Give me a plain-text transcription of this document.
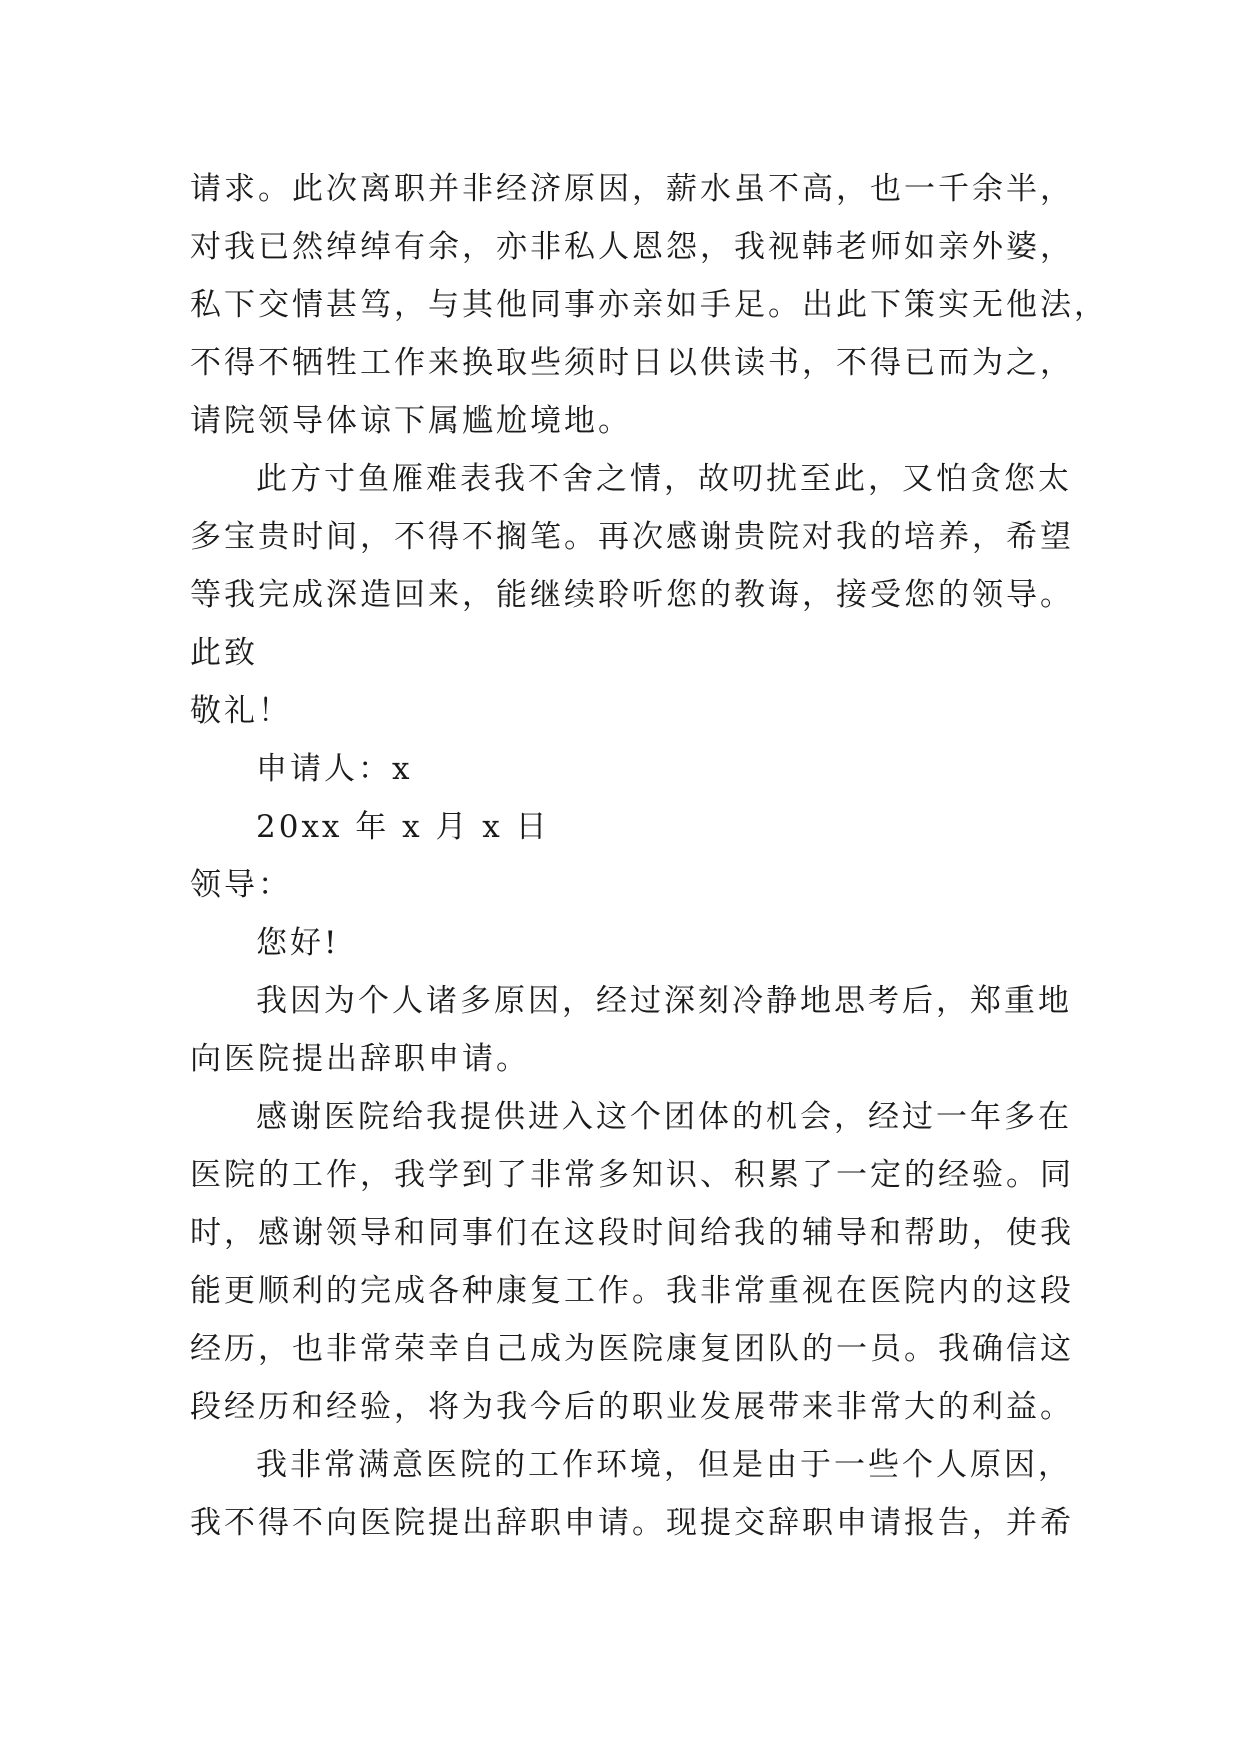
请求。此次离职并非经济原因，薪水虽不高，也一千余半，
对我已然绰绰有余，亦非私人恩怨，我视韩老师如亲外婆，
私下交情甚笃，与其他同事亦亲如手足。出此下策实无他法，
不得不牺牲工作来换取些须时日以供读书，不得已而为之，
请院领导体谅下属尴尬境地。
此方寸鱼雁难表我不舍之情，故叨扰至此，又怕贪您太
多宝贵时间，不得不搁笔。再次感谢贵院对我的培养，希望
等我完成深造回来，能继续聆听您的教诲，接受您的领导。
此致
敬礼！
申请人：x
20xx 年 x 月 x 日
领导：
您好!
我因为个人诸多原因，经过深刻冷静地思考后，郑重地
向医院提出辞职申请。
感谢医院给我提供进入这个团体的机会，经过一年多在
医院的工作，我学到了非常多知识、积累了一定的经验。同
时，感谢领导和同事们在这段时间给我的辅导和帮助，使我
能更顺利的完成各种康复工作。我非常重视在医院内的这段
经历，也非常荣幸自己成为医院康复团队的一员。我确信这
段经历和经验，将为我今后的职业发展带来非常大的利益。
我非常满意医院的工作环境，但是由于一些个人原因，
我不得不向医院提出辞职申请。现提交辞职申请报告，并希
